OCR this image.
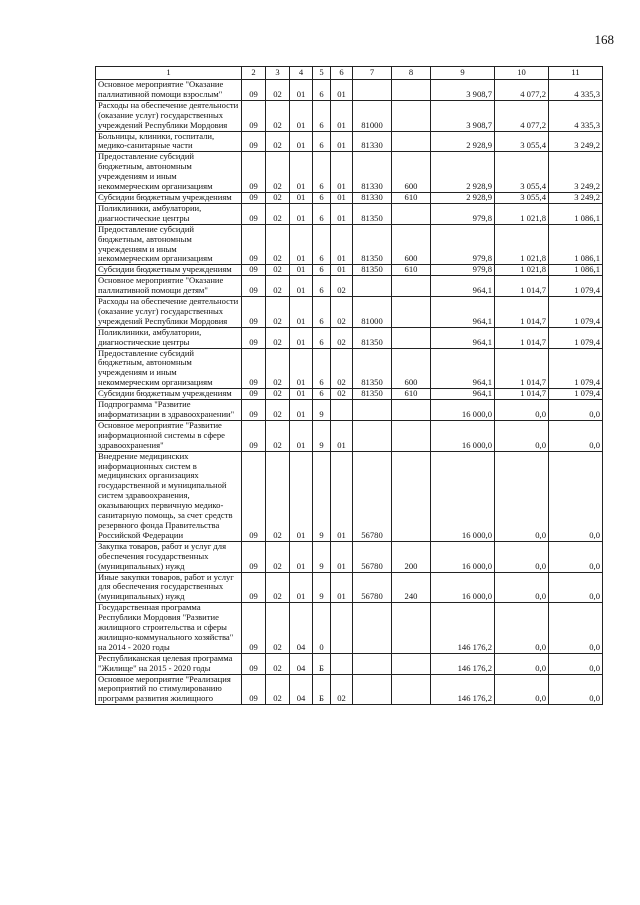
168
1	2	3	4	5	6	7	8	9	10	11
Основное мероприятие "Оказание паллиативной помощи взрослым"	09	02	01	6	01			3 908,7	4 077,2	4 335,3
Расходы на обеспечение деятельности (оказание услуг) государственных учреждений Республики Мордовия	09	02	01	6	01	81000		3 908,7	4 077,2	4 335,3
Больницы, клиники, госпитали, медико-санитарные части	09	02	01	6	01	81330		2 928,9	3 055,4	3 249,2
Предоставление субсидий бюджетным, автономным учреждениям и иным некоммерческим организациям	09	02	01	6	01	81330	600	2 928,9	3 055,4	3 249,2
Субсидии бюджетным учреждениям	09	02	01	6	01	81330	610	2 928,9	3 055,4	3 249,2
Поликлиники, амбулатории, диагностические центры	09	02	01	6	01	81350		979,8	1 021,8	1 086,1
Предоставление субсидий бюджетным, автономным учреждениям и иным некоммерческим организациям	09	02	01	6	01	81350	600	979,8	1 021,8	1 086,1
Субсидии бюджетным учреждениям	09	02	01	6	01	81350	610	979,8	1 021,8	1 086,1
Основное мероприятие "Оказание паллиативной помощи детям"	09	02	01	6	02			964,1	1 014,7	1 079,4
Расходы на обеспечение деятельности (оказание услуг) государственных учреждений Республики Мордовия	09	02	01	6	02	81000		964,1	1 014,7	1 079,4
Поликлиники, амбулатории, диагностические центры	09	02	01	6	02	81350		964,1	1 014,7	1 079,4
Предоставление субсидий бюджетным, автономным учреждениям и иным некоммерческим организациям	09	02	01	6	02	81350	600	964,1	1 014,7	1 079,4
Субсидии бюджетным учреждениям	09	02	01	6	02	81350	610	964,1	1 014,7	1 079,4
Подпрограмма "Развитие информатизации в здравоохранении"	09	02	01	9				16 000,0	0,0	0,0
Основное мероприятие "Развитие информационной системы в сфере здравоохранения"	09	02	01	9	01			16 000,0	0,0	0,0
Внедрение медицинских информационных систем в медицинских организациях государственной и муниципальной систем здравоохранения, оказывающих первичную медико-санитарную помощь, за счет средств резервного фонда Правительства Российской Федерации	09	02	01	9	01	56780		16 000,0	0,0	0,0
Закупка товаров, работ и услуг для обеспечения государственных (муниципальных) нужд	09	02	01	9	01	56780	200	16 000,0	0,0	0,0
Иные закупки товаров, работ и услуг для обеспечения государственных (муниципальных) нужд	09	02	01	9	01	56780	240	16 000,0	0,0	0,0
Государственная программа Республики Мордовия "Развитие жилищного строительства и сферы жилищно-коммунального хозяйства" на 2014 - 2020 годы	09	02	04	0				146 176,2	0,0	0,0
Республиканская целевая программа "Жилище" на 2015 - 2020 годы	09	02	04	Б				146 176,2	0,0	0,0
Основное мероприятие "Реализация мероприятий по стимулированию программ развития жилищного	09	02	04	Б	02			146 176,2	0,0	0,0
